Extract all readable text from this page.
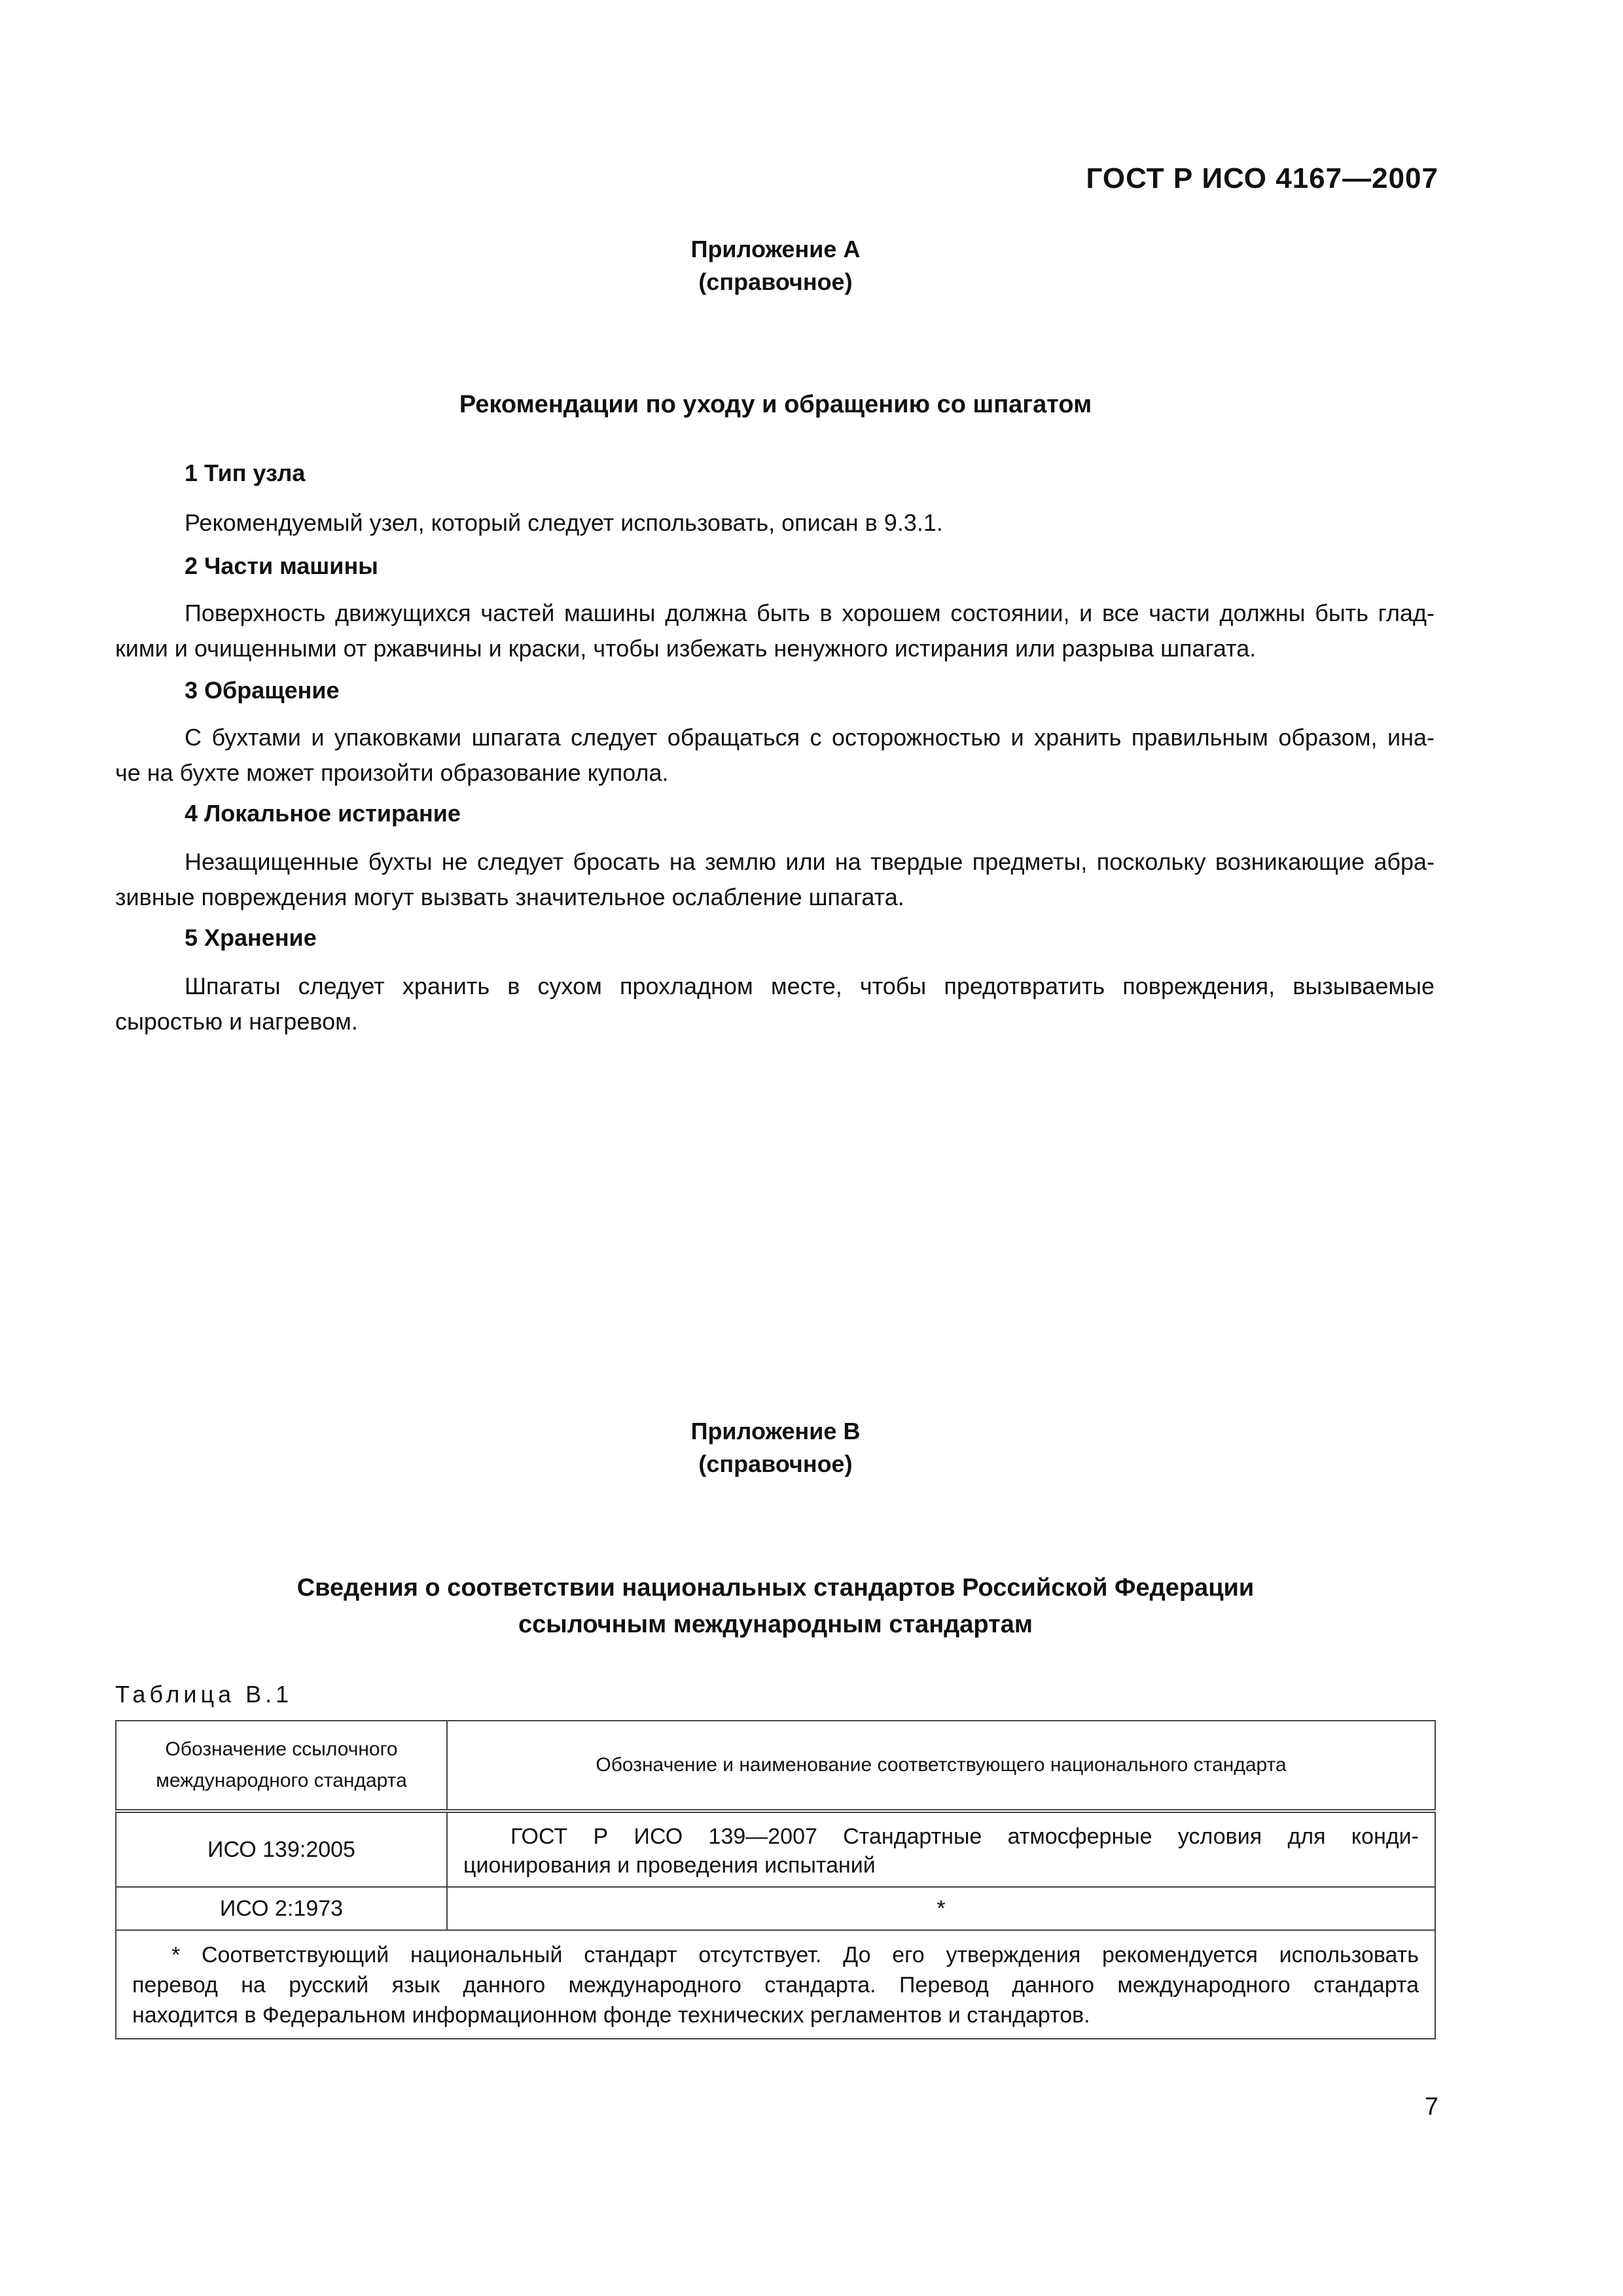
ГОСТ Р ИСО 4167—2007
Приложение А
(справочное)
Рекомендации по уходу и обращению со шпагатом
1 Тип узла
Рекомендуемый узел, который следует использовать, описан в 9.3.1.
2 Части машины
Поверхность движущихся частей машины должна быть в хорошем состоянии, и все части должны быть глад-
кими и очищенными от ржавчины и краски, чтобы избежать ненужного истирания или разрыва шпагата.
3 Обращение
С бухтами и упаковками шпагата следует обращаться с осторожностью и хранить правильным образом, ина-
че на бухте может произойти образование купола.
4 Локальное истирание
Незащищенные бухты не следует бросать на землю или на твердые предметы, поскольку возникающие абра-
зивные повреждения могут вызвать значительное ослабление шпагата.
5 Хранение
Шпагаты следует хранить в сухом прохладном месте, чтобы предотвратить повреждения, вызываемые
сыростью и нагревом.
Приложение В
(справочное)
Сведения о соответствии национальных стандартов Российской Федерации
ссылочным международным стандартам
Таблица В.1
Обозначение ссылочного
международного стандарта	Обозначение и наименование соответствующего национального стандарта
ИСО 139:2005	ГОСТ Р ИСО 139—2007 Стандартные атмосферные условия для конди-
ционирования и проведения испытаний

ИСО 2:1973	*

* Соответствующий национальный стандарт отсутствует. До его утверждения рекомендуется использовать
перевод на русский язык данного международного стандарта. Перевод данного международного стандарта
находится в Федеральном информационном фонде технических регламентов и стандартов.	
7
